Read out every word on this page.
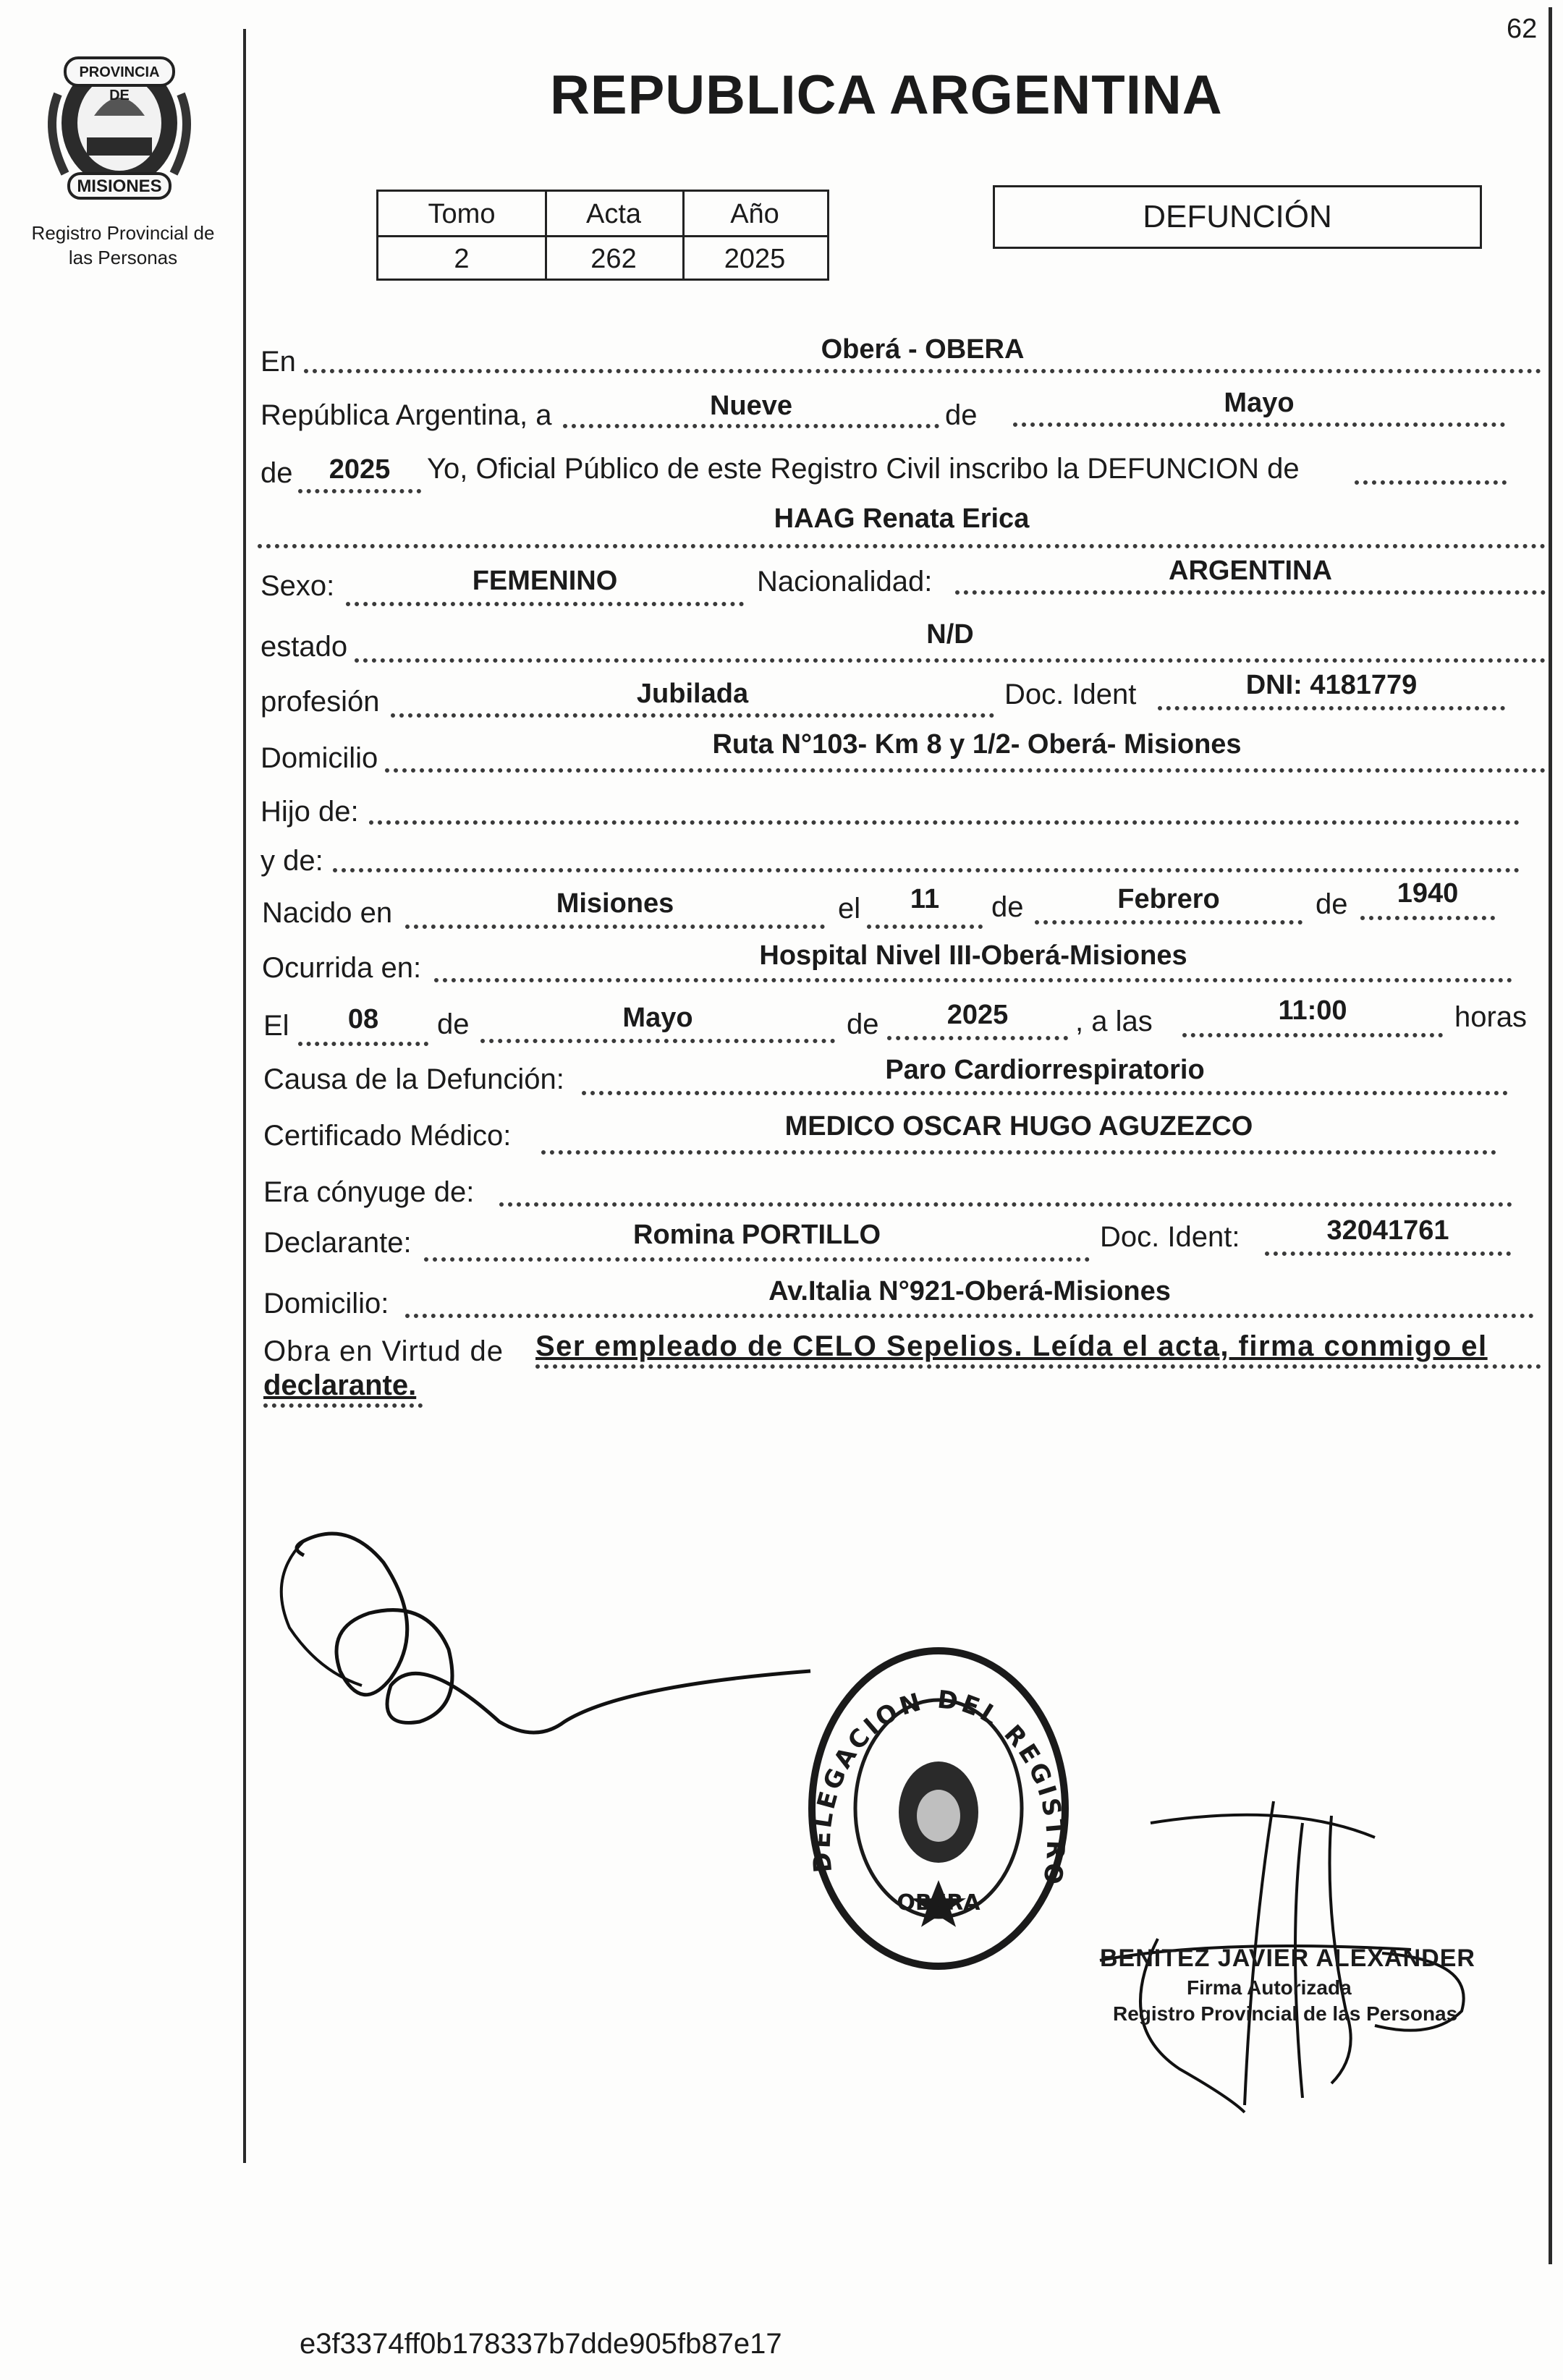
62
PROVINCIA DE
MISIONES
Registro Provincial de
las Personas
REPUBLICA ARGENTINA
Tomo	Acta	Año
2	262	2025
DEFUNCIÓN
En	Oberá - OBERA
República Argentina, a	Nueve	de	Mayo
de	2025	Yo, Oficial Público de este Registro Civil inscribo la DEFUNCION de
HAAG Renata Erica
Sexo:	FEMENINO	Nacionalidad:	ARGENTINA
estado	N/D
profesión	Jubilada	Doc. Ident	DNI: 4181779
Domicilio	Ruta N°103- Km 8 y 1/2- Oberá- Misiones
Hijo de:
y de:
Nacido en	Misiones	el	11	de	Febrero	de	1940
Ocurrida en:	Hospital Nivel III-Oberá-Misiones
El	08	de	Mayo	de	2025	, a las	11:00	horas
Causa de la Defunción:	Paro Cardiorrespiratorio
Certificado Médico:	MEDICO OSCAR HUGO AGUZEZCO
Era cónyuge de:
Declarante:	Romina PORTILLO	Doc. Ident:	32041761
Domicilio:	Av.Italia N°921-Oberá-Misiones
Obra en Virtud de Ser empleado de CELO Sepelios. Leída el acta, firma conmigo el
declarante.
DELEGACION DEL REGISTRO
OBERA
BENITEZ JAVIER ALEXANDER
Firma Autorizada
Registro Provincial de las Personas
e3f3374ff0b178337b7dde905fb87e17
